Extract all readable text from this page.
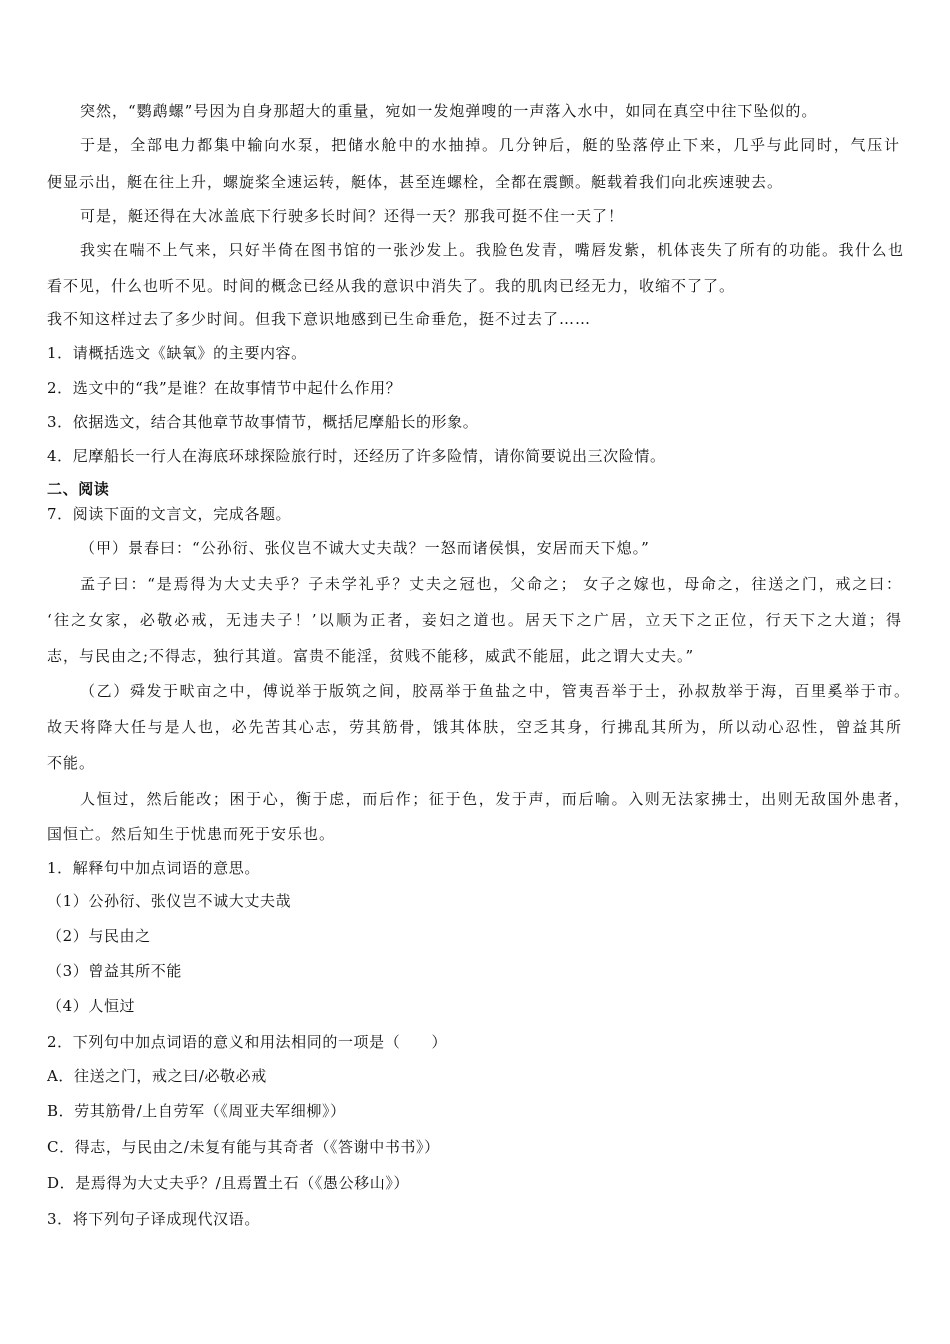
突然，“鹦鹉螺”号因为自身那超大的重量，宛如一发炮弹嗖的一声落入水中，如同在真空中往下坠似的。
于是，全部电力都集中输向水泵，把储水舱中的水抽掉。几分钟后，艇的坠落停止下来，几乎与此同时，气压计
便显示出，艇在往上升，螺旋桨全速运转，艇体，甚至连螺栓，全都在震颤。艇载着我们向北疾速驶去。
可是，艇还得在大冰盖底下行驶多长时间？还得一天？那我可挺不住一天了！
我实在喘不上气来，只好半倚在图书馆的一张沙发上。我脸色发青，嘴唇发紫，机体丧失了所有的功能。我什么也
看不见，什么也听不见。时间的概念已经从我的意识中消失了。我的肌肉已经无力，收缩不了了。
我不知这样过去了多少时间。但我下意识地感到已生命垂危，挺不过去了……
1．请概括选文《缺氧》的主要内容。
2．选文中的“我”是谁？在故事情节中起什么作用？
3．依据选文，结合其他章节故事情节，概括尼摩船长的形象。
4．尼摩船长一行人在海底环球探险旅行时，还经历了许多险情，请你简要说出三次险情。
二、阅读
7．阅读下面的文言文，完成各题。
（甲）景春曰：“公孙衍、张仪岂不诚大丈夫哉？一怒而诸侯惧，安居而天下熄。”
孟子曰：“是焉得为大丈夫乎？子未学礼乎？丈夫之冠也，父命之； 女子之嫁也，母命之，往送之门，戒之曰：
‘往之女家，必敬必戒，无违夫子！’以顺为正者，妾妇之道也。居天下之广居，立天下之正位，行天下之大道；得
志，与民由之;不得志，独行其道。富贵不能淫，贫贱不能移，威武不能屈，此之谓大丈夫。”
（乙）舜发于畎亩之中，傅说举于版筑之间，胶鬲举于鱼盐之中，管夷吾举于士，孙叔敖举于海，百里奚举于市。
故天将降大任与是人也，必先苦其心志，劳其筋骨，饿其体肤，空乏其身，行拂乱其所为，所以动心忍性，曾益其所
不能。
人恒过，然后能改；困于心，衡于虑，而后作；征于色，发于声，而后喻。入则无法家拂士，出则无敌国外患者，
国恒亡。然后知生于忧患而死于安乐也。
1．解释句中加点词语的意思。
（1）公孙衍、张仪岂不诚大丈夫哉
（2）与民由之
（3）曾益其所不能
（4）人恒过
2．下列句中加点词语的意义和用法相同的一项是（　　）
A．往送之门，戒之曰/必敬必戒
B．劳其筋骨/上自劳军（《周亚夫军细柳》）
C．得志，与民由之/未复有能与其奇者（《答谢中书书》）
D．是焉得为大丈夫乎？/且焉置土石（《愚公移山》）
3．将下列句子译成现代汉语。
